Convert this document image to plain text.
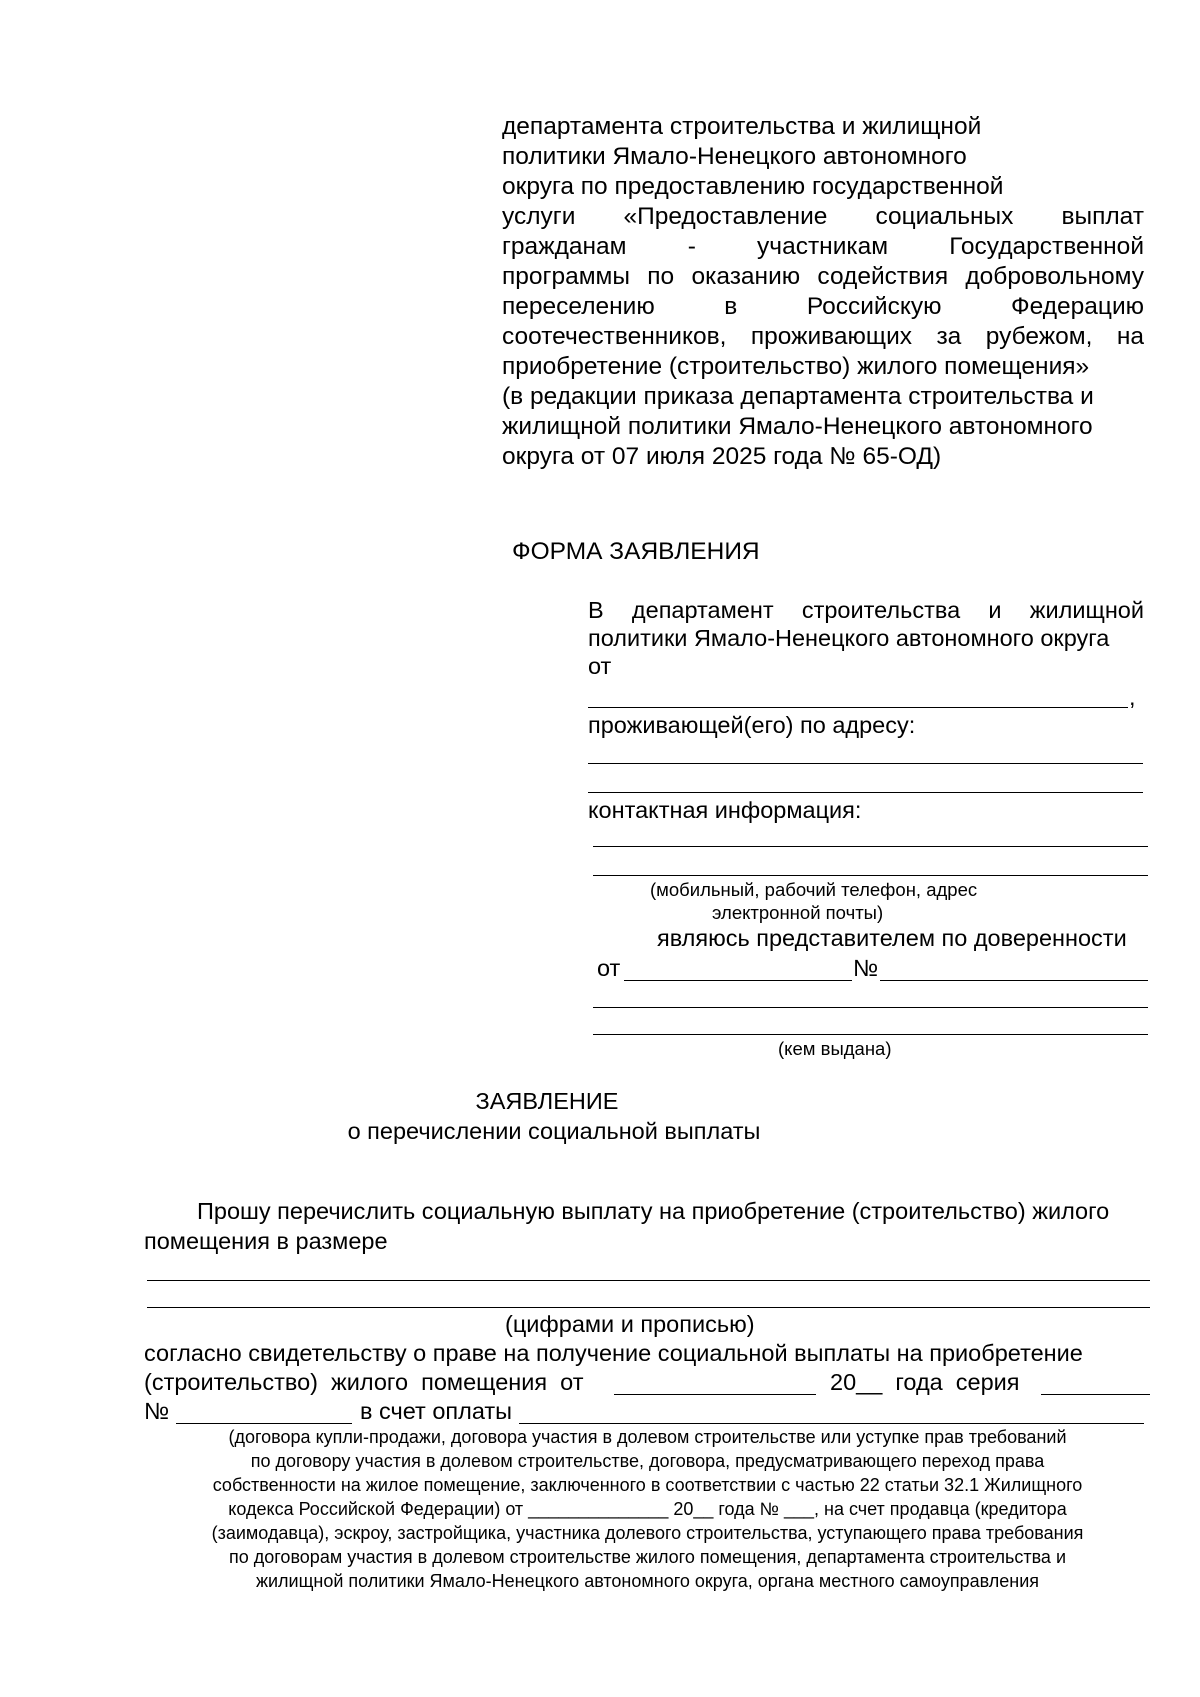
департамента строительства и жилищной
политики Ямало-Ненецкого автономного
округа по предоставлению государственной
услуги «Предоставление социальных выплат
гражданам - участникам Государственной
программы по оказанию содействия добровольному
переселению в Российскую Федерацию
соотечественников, проживающих за рубежом, на
приобретение (строительство) жилого помещения»
(в редакции приказа департамента строительства и
жилищной политики Ямало-Ненецкого автономного
округа от 07 июля 2025 года № 65-ОД)
ФОРМА ЗАЯВЛЕНИЯ
В департамент строительства и жилищной
политики Ямало-Ненецкого автономного округа
от
,
проживающей(его) по адресу:
контактная информация:
(мобильный, рабочий телефон, адрес
электронной почты)
являюсь представителем по доверенности
от	№
(кем выдана)
ЗАЯВЛЕНИЕ
о перечислении социальной выплаты
Прошу перечислить социальную выплату на приобретение (строительство) жилого
помещения в размере
(цифрами и прописью)
согласно свидетельству о праве на получение социальной выплаты на приобретение
(строительство)  жилого  помещения  от	20__  года  серия
№	в счет оплаты
(договора купли-продажи, договора участия в долевом строительстве или уступке прав требований
по договору участия в долевом строительстве, договора, предусматривающего переход права
собственности на жилое помещение, заключенного в соответствии с частью 22 статьи 32.1 Жилищного
кодекса Российской Федерации) от ______________ 20__ года № ___, на счет продавца (кредитора
(заимодавца), эскроу, застройщика, участника долевого строительства, уступающего права требования
по договорам участия в долевом строительстве жилого помещения, департамента строительства и
жилищной политики Ямало-Ненецкого автономного округа, органа местного самоуправления
